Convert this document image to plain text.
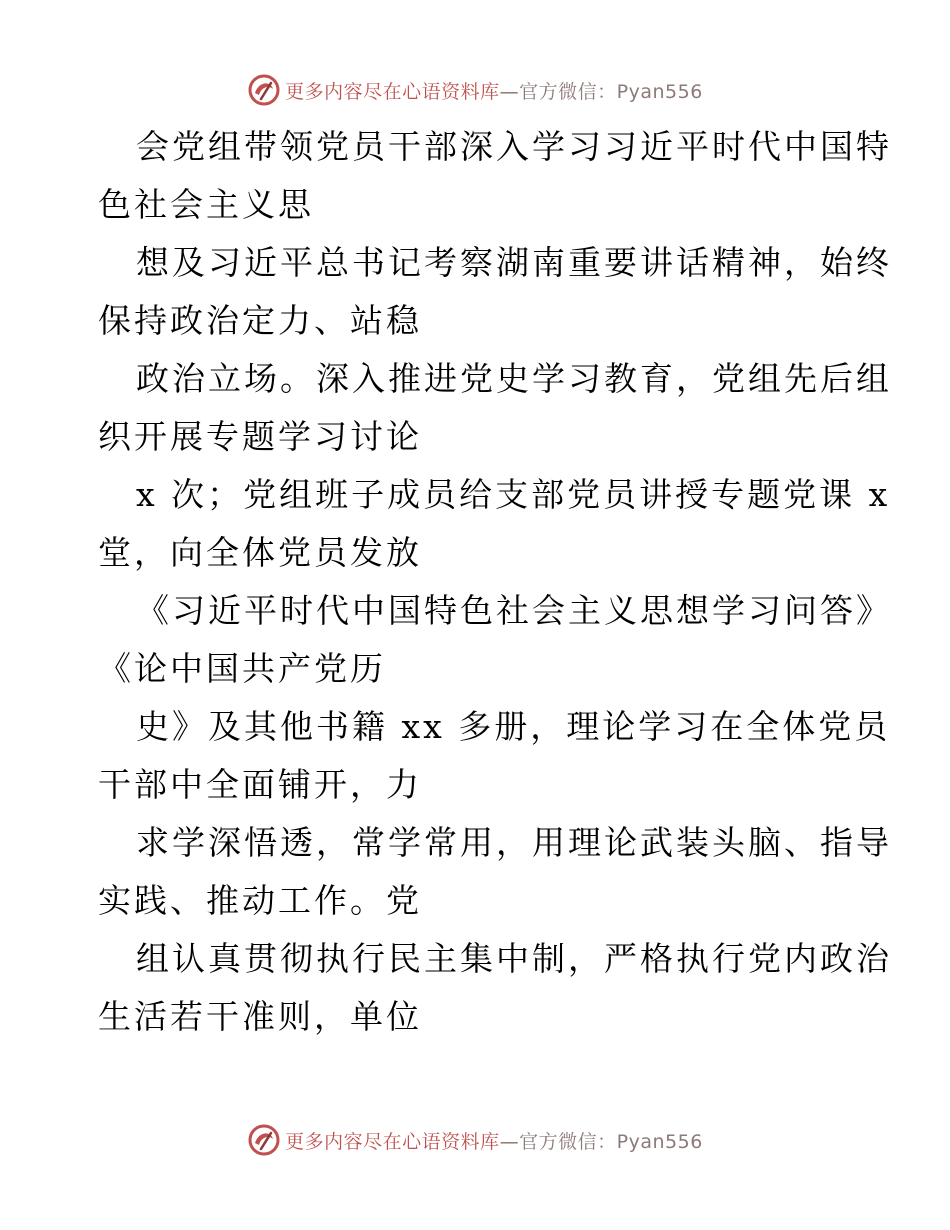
更多内容尽在心语资料库—官方微信：Pyan556
会党组带领党员干部深入学习习近平时代中国特
色社会主义思
想及习近平总书记考察湖南重要讲话精神，始终
保持政治定力、站稳
政治立场。深入推进党史学习教育，党组先后组
织开展专题学习讨论
x 次；党组班子成员给支部党员讲授专题党课 x
堂，向全体党员发放
《习近平时代中国特色社会主义思想学习问答》
《论中国共产党历
史》及其他书籍 xx 多册，理论学习在全体党员
干部中全面铺开，力
求学深悟透，常学常用，用理论武装头脑、指导
实践、推动工作。党
组认真贯彻执行民主集中制，严格执行党内政治
生活若干准则，单位
更多内容尽在心语资料库—官方微信：Pyan556
